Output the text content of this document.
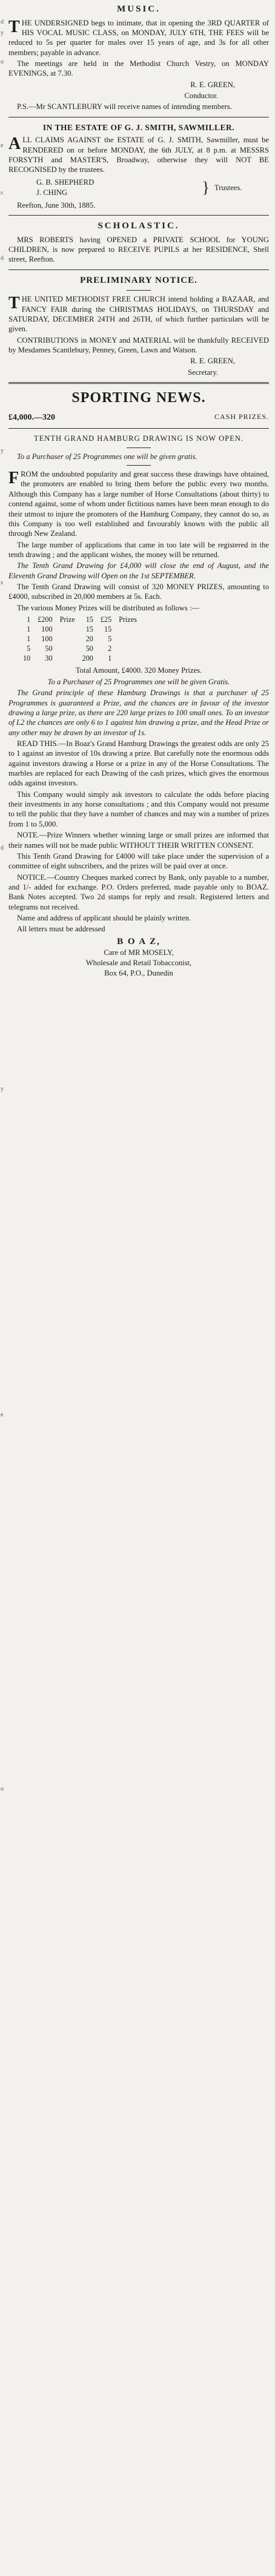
d
y
o
e
s
d
y
s
d
y
e
o
MUSIC.

THE UNDERSIGNED begs to intimate, that in opening the 3RD QUARTER of HIS VOCAL MUSIC CLASS, on MONDAY, JULY 6TH, THE FEES will be reduced to 5s per quarter for males over 15 years of age, and 3s for all other members; payable in advance.

The meetings are held in the Methodist Church Vestry, on MONDAY EVENINGS, at 7.30.

R. E. GREEN,
Conductor.

P.S.—Mr SCANTLEBURY will receive names of intending members.

IN THE ESTATE OF G. J. SMITH, SAWMILLER.

ALL CLAIMS AGAINST the ESTATE of G. J. SMITH, Sawmiller, must be RENDERED on or before MONDAY, the 6th JULY, at 8 p.m. at MESSRS FORSYTH and MASTER'S, Broadway, otherwise they will NOT BE RECOGNISED by the trustees.

G. B. SHEPHERD
J. CHING	} Trustees.

Reefton, June 30th, 1885.

SCHOLASTIC.

MRS ROBERTS having OPENED a PRIVATE SCHOOL for YOUNG CHILDREN, is now prepared to RECEIVE PUPILS at her RESIDENCE, Shell street, Reefton.

PRELIMINARY NOTICE.

THE UNITED METHODIST FREE CHURCH intend holding a BAZAAR, and FANCY FAIR during the CHRISTMAS HOLIDAYS, on THURSDAY and SATURDAY, DECEMBER 24TH and 26TH, of which further particulars will be given.

CONTRIBUTIONS in MONEY and MATERIAL will be thankfully RECEIVED by Mesdames Scantlebury, Penney, Green, Lawn and Watson.

R. E. GREEN,
Secretary.
SPORTING NEWS.
£4,000.—320	CASH PRIZES.

TENTH GRAND HAMBURG DRAWING IS NOW OPEN.

To a Purchaser of 25 Programmes one will be given gratis.

FROM the undoubted popularity and great success these drawings have obtained, the promoters are enabled to bring them before the public every two months. Although this Company has a large number of Horse Consultations (about thirty) to contend against, some of whom under fictitious names have been mean enough to do their utmost to injure the promoters of the Hamburg Company, they cannot do so, as this Company is too well established and favourably known with the public all through New Zealand.

The large number of applications that came in too late will be registered in the tenth drawing ; and the applicant wishes, the money will be returned.

The Tenth Grand Drawing for £4,000 will close the end of August, and the Eleventh Grand Drawing will Open on the 1st SEPTEMBER.

The Tenth Grand Drawing will consist of 320 MONEY PRIZES, amounting to £4000, subscribed in 20,000 members at 5s. Each.

The various Money Prizes will be distributed as follows :—

1	£200	Prize	15	£25	Prizes
1	100		15	15	
1	100		20	5	
5	50		50	2	
10	30		200	1	

Total Amount, £4000. 320 Money Prizes.

To a Purchaser of 25 Programmes one will be given Gratis.

The Grand principle of these Hamburg Drawings is that a purchaser of 25 Programmes is guaranteed a Prize, and the chances are in favour of the investor drawing a large prize, as there are 220 large prizes to 100 small ones. To an investor of L2 the chances are only 6 to 1 against him drawing a prize, and the Head Prize or any other may be drawn by an investor of 1s.

READ THIS.—In Boaz's Grand Hamburg Drawings the greatest odds are only 25 to 1 against an investor of 10s drawing a prize. But carefully note the enormous odds against investors drawing a Horse or a prize in any of the Horse Consultations. The marbles are replaced for each Drawing of the cash prizes, which gives the enormous odds against investors.

This Company would simply ask investors to calculate the odds before placing their investments in any horse consultations ; and this Company would not presume to tell the public that they have a number of chances and may win a number of prizes from 1 to 5,000.

NOTE.—Prize Winners whether winning large or small prizes are informed that their names will not be made public WITHOUT THEIR WRITTEN CONSENT.

This Tenth Grand Drawing for £4000 will take place under the supervision of a committee of eight subscribers, and the prizes will be paid over at once.

NOTICE.—Country Cheques marked correct by Bank, only payable to a number, and 1/- added for exchange. P.O. Orders preferred, made payable only to BOAZ. Bank Notes accepted. Two 2d stamps for reply and result. Registered letters and telegrams not received.

Name and address of applicant should be plainly written.

All letters must be addressed

B O A Z,
Care of MR MOSELY,
Wholesale and Retail Tobacconist,
Box 64, P.O., Dunedin
